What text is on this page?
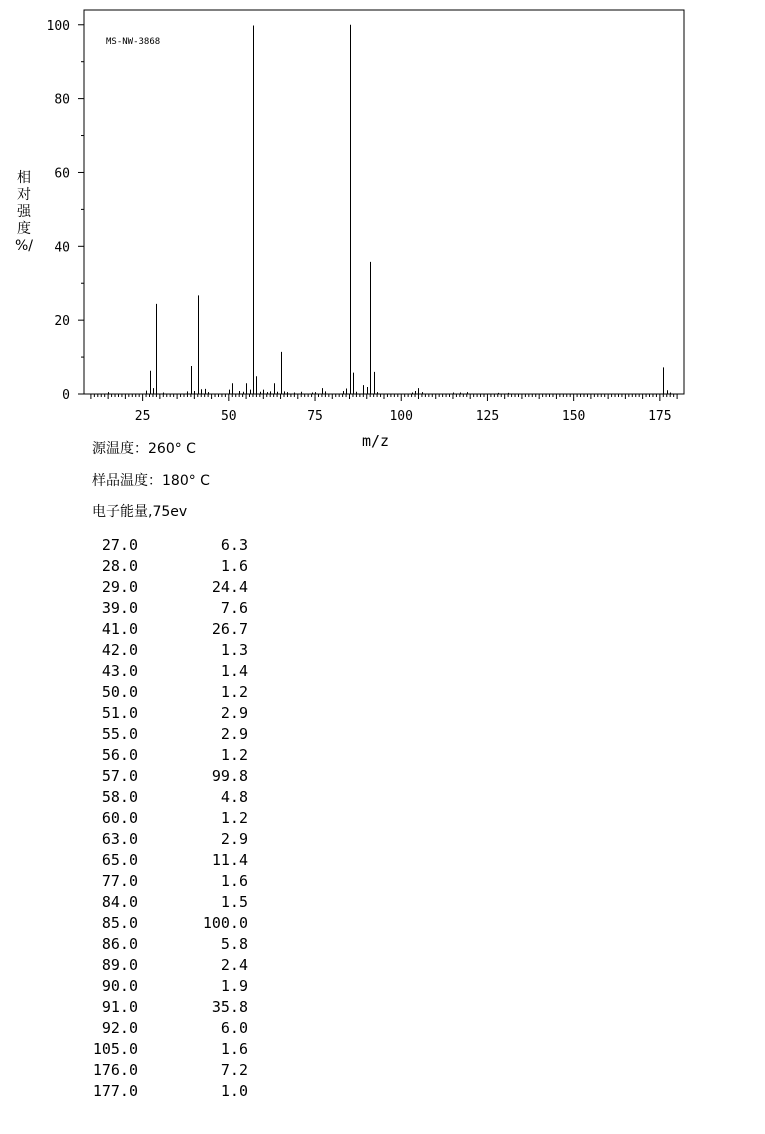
0
20
40
60
80
100
25	50	75	100	125	150	175
MS-NW-3868
相
对
强
度
%/
m/z
源温度：260° C
样品温度：180° C
电子能量,75ev
27.0	6.3
28.0	1.6
29.0	24.4
39.0	7.6
41.0	26.7
42.0	1.3
43.0	1.4
50.0	1.2
51.0	2.9
55.0	2.9
56.0	1.2
57.0	99.8
58.0	4.8
60.0	1.2
63.0	2.9
65.0	11.4
77.0	1.6
84.0	1.5
85.0	100.0
86.0	5.8
89.0	2.4
90.0	1.9
91.0	35.8
92.0	6.0
105.0	1.6
176.0	7.2
177.0	1.0
